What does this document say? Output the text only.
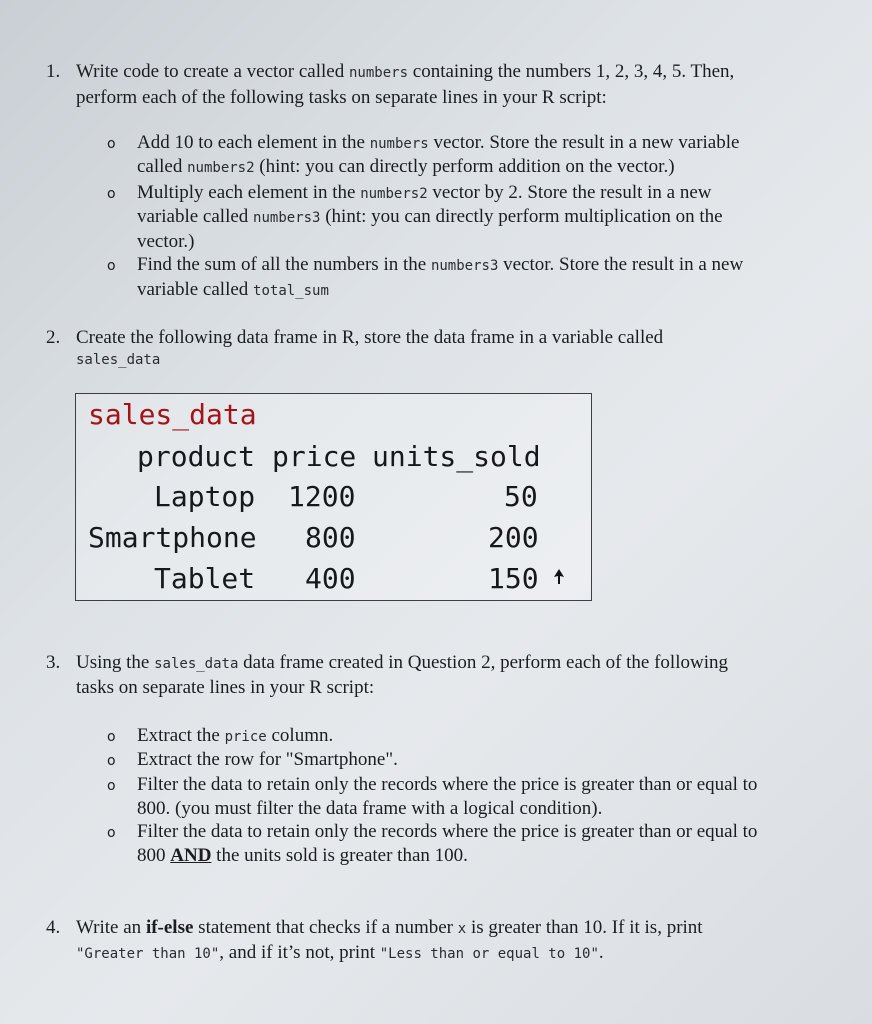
1. Write code to create a vector called numbers containing the numbers 1, 2, 3, 4, 5. Then,
perform each of the following tasks on separate lines in your R script:
o Add 10 to each element in the numbers vector. Store the result in a new variable
called numbers2 (hint: you can directly perform addition on the vector.)
o Multiply each element in the numbers2 vector by 2. Store the result in a new
variable called numbers3 (hint: you can directly perform multiplication on the
vector.)
o Find the sum of all the numbers in the numbers3 vector. Store the result in a new
variable called total_sum
2. Create the following data frame in R, store the data frame in a variable called
sales_data
sales_data
product price units_sold
Laptop 1200	50
Smartphone 800	200
Tablet 400	150
3. Using the sales_data data frame created in Question 2, perform each of the following
tasks on separate lines in your R script:
o Extract the price column.
o Extract the row for "Smartphone".
o Filter the data to retain only the records where the price is greater than or equal to
800. (you must filter the data frame with a logical condition).
o Filter the data to retain only the records where the price is greater than or equal to
800 AND the units sold is greater than 100.
4. Write an if-else statement that checks if a number x is greater than 10. If it is, print
"Greater than 10", and if it’s not, print "Less than or equal to 10".
